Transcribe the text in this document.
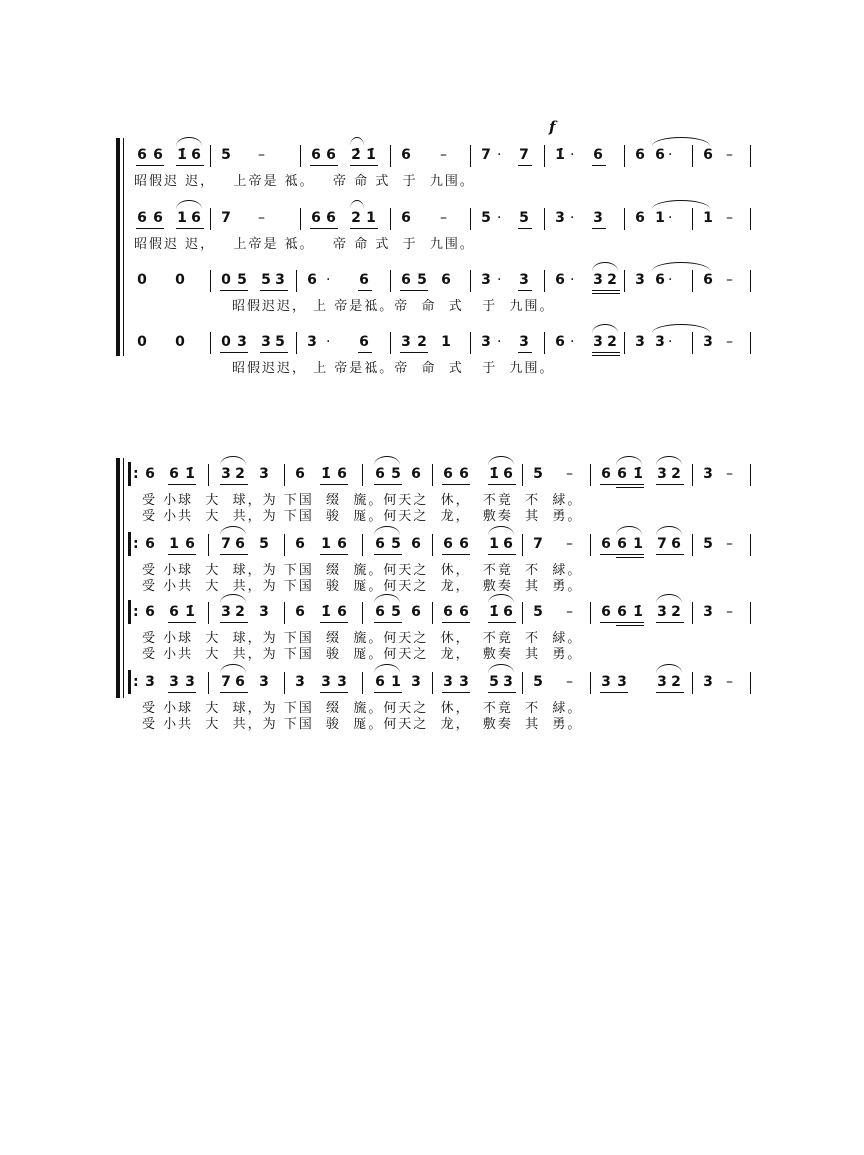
f
6 6 1̇ 6 5 –	6 6 2̇ 1̇ 6 – 7 · 7 1̇ · 6 6 6 · 6 –
昭假迟 迟，   上帝是 祗。   帝 命 式  于  九围。
6 6 1 6 7 –	6 6 2 1 6 – 5 · 5 3 · 3 6 1 · 1 –
昭假迟 迟，   上帝是 祗。   帝 命 式  于  九围。
0 0	0 5 5 3 6 · 6 6 5 6 3 · 3 6 · 3 2 3 6 · 6 –
昭假迟迟， 上 帝是祗。帝  命  式   于  九围。
0 0	0 3 3 5 3 · 6 3 2 1 3 · 3 6 · 3 2 3 3 · 3 –
昭假迟迟， 上 帝是祗。帝  命  式   于  九围。
:
6 6 1̇ 3 2 3 6 1̇ 6 6 5 6 6 6 1̇ 6 5 – 6 6 1̇ 3 2 3 –
受 小球  大  球，为 下国  缀  旒。何天之  休，  不竟  不  絿。
受 小共  大  共，为 下国  骏  厖。何天之  龙，  敷奏  其  勇。
:
6 1 6 7 6 5 6 1 6 6 5 6 6 6 1 6 7 – 6 6 1 7 6 5 –
受 小球  大  球，为 下国  缀  旒。何天之  休，  不竟  不  絿。
受 小共  大  共，为 下国  骏  厖。何天之  龙，  敷奏  其  勇。
:
6 6 1̇ 3 2 3 6 1̇ 6 6 5 6 6 6 1̇ 6 5 – 6 6 1̇ 3 2 3 –
受 小球  大  球，为 下国  缀  旒。何天之  休，  不竟  不  絿。
受 小共  大  共，为 下国  骏  厖。何天之  龙，  敷奏  其  勇。
:
3 3 3 7 6 3 3 3 3 6 1 3 3 3 5 3 5 – 3 3 3 2 3 –
受 小球  大  球，为 下国  缀  旒。何天之  休，  不竟  不  絿。
受 小共  大  共，为 下国  骏  厖。何天之  龙，  敷奏  其  勇。
